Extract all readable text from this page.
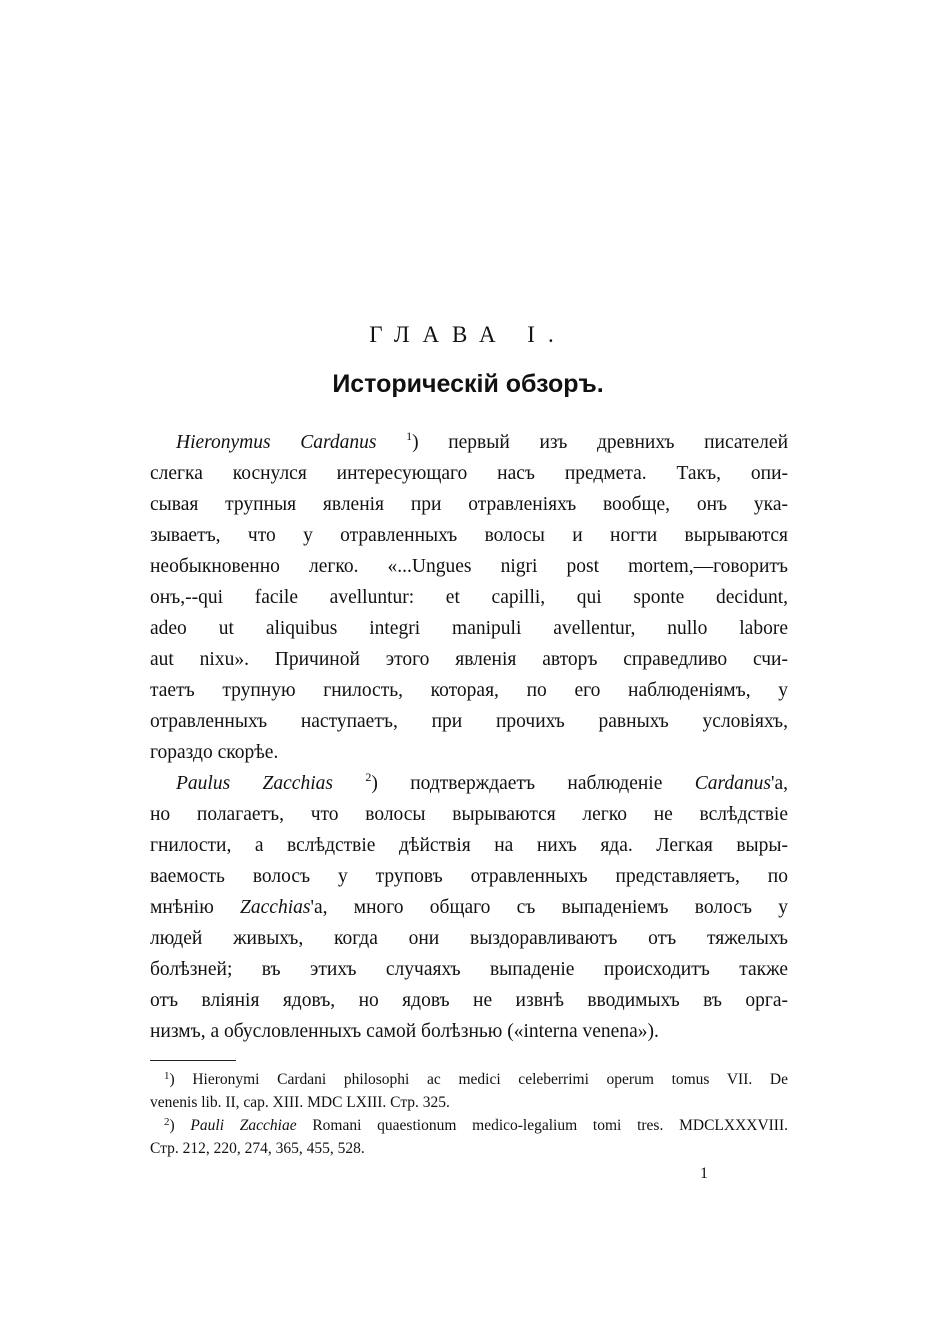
ГЛАВА I.
Историческій обзоръ.

Hieronymus Cardanus $^1$) первый изъ древнихъ писателей
слегка коснулся интересующаго насъ предмета. Такъ, опи-
сывая трупныя явленія при отравленіяхъ вообще, онъ ука-
зываетъ, что у отравленныхъ волосы и ногти вырываются
необыкновенно легко. «...Ungues nigri post mortem,—говоритъ
онъ,--qui facile avelluntur: et capilli, qui sponte decidunt,
adeo ut aliquibus integri manipuli avellentur, nullo labore
aut nixu». Причиной этого явленія авторъ справедливо счи-
таетъ трупную гнилость, которая, по его наблюденіямъ, у
отравленныхъ наступаетъ, при прочихъ равныхъ условіяхъ,
гораздо скорѣе.

Paulus Zacchias	$^2$) подтверждаетъ наблюденіе Cardanus'a,
но полагаетъ, что волосы вырываются легко не вслѣдствіе
гнилости, а вслѣдствіе дѣйствія на нихъ яда. Легкая выры-
ваемость волосъ у труповъ отравленныхъ представляетъ, по
мнѣнію Zacchias'a, много общаго съ выпаденіемъ волосъ у
людей живыхъ, когда они выздоравливаютъ отъ тяжелыхъ
болѣзней; въ этихъ случаяхъ выпаденіе происходитъ также
отъ вліянія ядовъ, но ядовъ не извнѣ вводимыхъ въ орга-
низмъ, а обусловленныхъ самой болѣзнью («interna venena»).

$^1$) Hieronymi Cardani philosophi ac medici celeberrimi operum tomus VII. De
venenis lib. II, cap. XIII. MDC LXIII. Стр. 325.
$^2$) Pauli Zacchiae Romani quaestionum medico-legalium tomi tres. MDCLXXXVIII.
Стр. 212, 220, 274, 365, 455, 528.
1
